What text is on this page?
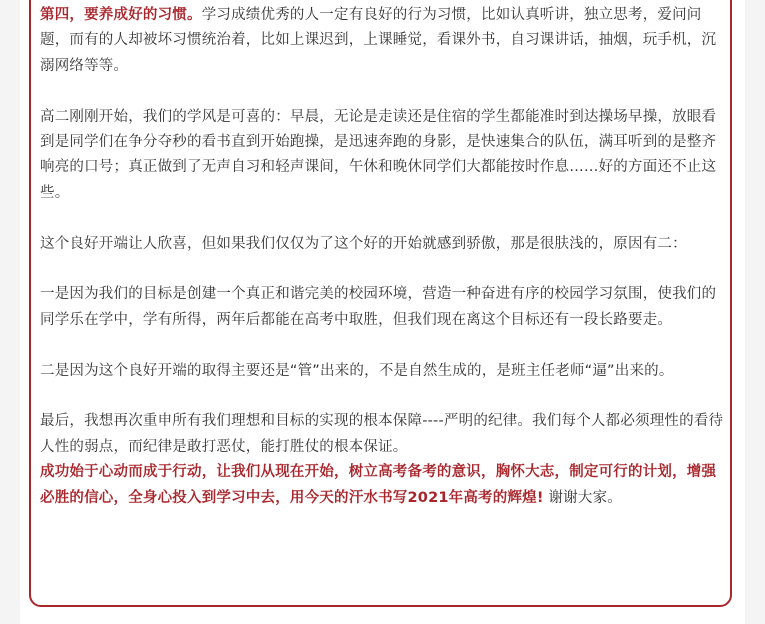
第四，要养成好的习惯。学习成绩优秀的人一定有良好的行为习惯，比如认真听讲，独立思考，爱问问题，而有的人却被坏习惯统治着，比如上课迟到，上课睡觉，看课外书，自习课讲话，抽烟，玩手机，沉溺网络等等。

高二刚刚开始，我们的学风是可喜的：早晨，无论是走读还是住宿的学生都能准时到达操场早操，放眼看到是同学们在争分夺秒的看书直到开始跑操，是迅速奔跑的身影，是快速集合的队伍，满耳听到的是整齐响亮的口号；真正做到了无声自习和轻声课间，午休和晚休同学们大都能按时作息……好的方面还不止这些。

这个良好开端让人欣喜，但如果我们仅仅为了这个好的开始就感到骄傲，那是很肤浅的，原因有二：

一是因为我们的目标是创建一个真正和谐完美的校园环境，营造一种奋进有序的校园学习氛围，使我们的同学乐在学中，学有所得，两年后都能在高考中取胜，但我们现在离这个目标还有一段长路要走。

二是因为这个良好开端的取得主要还是“管”出来的，不是自然生成的，是班主任老师“逼”出来的。

最后，我想再次重申所有我们理想和目标的实现的根本保障----严明的纪律。我们每个人都必须理性的看待人性的弱点，而纪律是敢打恶仗，能打胜仗的根本保证。

成功始于心动而成于行动，让我们从现在开始，树立高考备考的意识，胸怀大志，制定可行的计划，增强必胜的信心，全身心投入到学习中去，用今天的汗水书写2021年高考的辉煌! 谢谢大家。
